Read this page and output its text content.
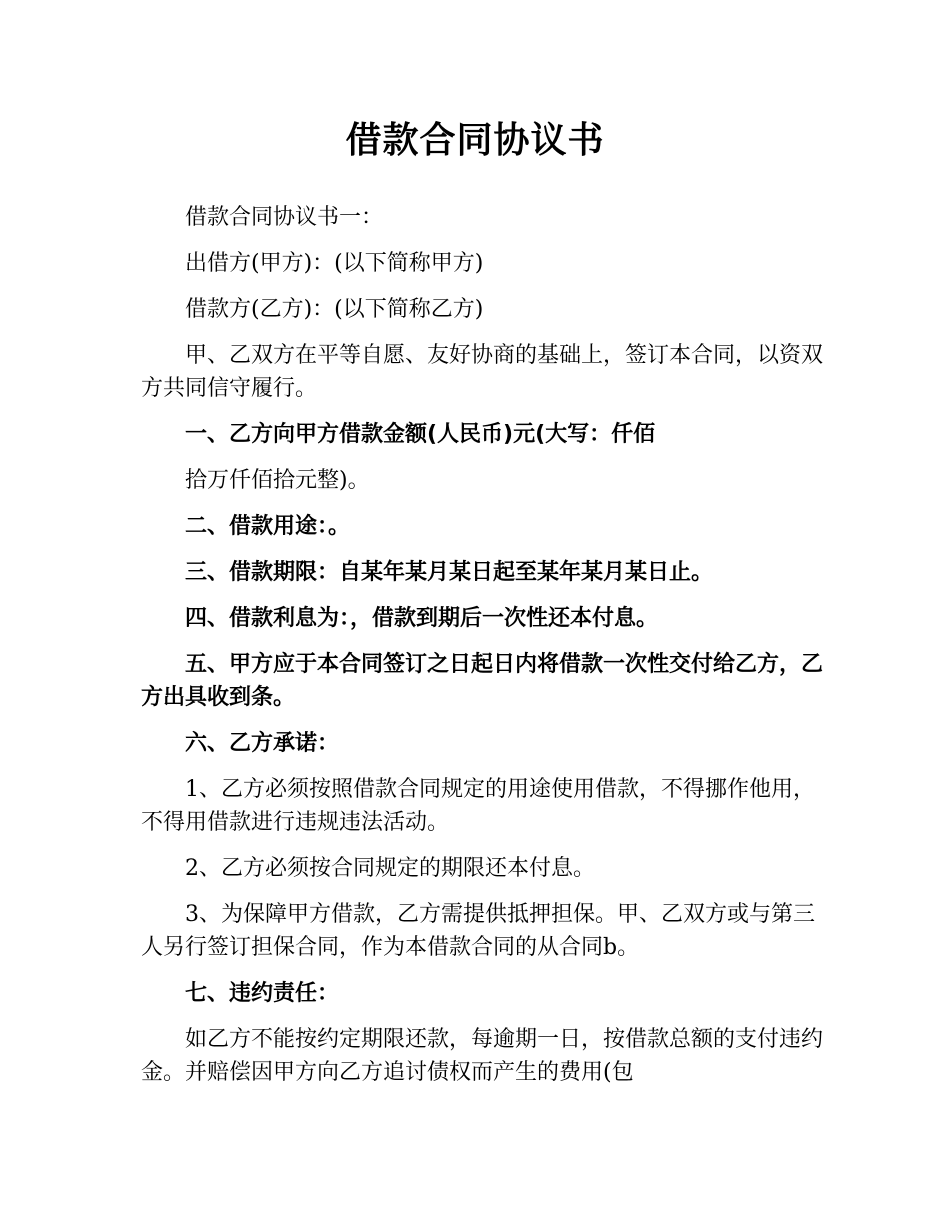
借款合同协议书

借款合同协议书一：

出借方(甲方)：(以下简称甲方)

借款方(乙方)：(以下简称乙方)

甲、乙双方在平等自愿、友好协商的基础上，签订本合同，以资双方共同信守履行。

一、乙方向甲方借款金额(人民币)元(大写：仟佰

拾万仟佰拾元整)。

二、借款用途：。

三、借款期限：自某年某月某日起至某年某月某日止。

四、借款利息为：，借款到期后一次性还本付息。

五、甲方应于本合同签订之日起日内将借款一次性交付给乙方，乙方出具收到条。

六、乙方承诺：

1、乙方必须按照借款合同规定的用途使用借款，不得挪作他用，不得用借款进行违规违法活动。

2、乙方必须按合同规定的期限还本付息。

3、为保障甲方借款，乙方需提供抵押担保。甲、乙双方或与第三人另行签订担保合同，作为本借款合同的从合同b。

七、违约责任：

如乙方不能按约定期限还款，每逾期一日，按借款总额的支付违约金。并赔偿因甲方向乙方追讨债权而产生的费用(包
